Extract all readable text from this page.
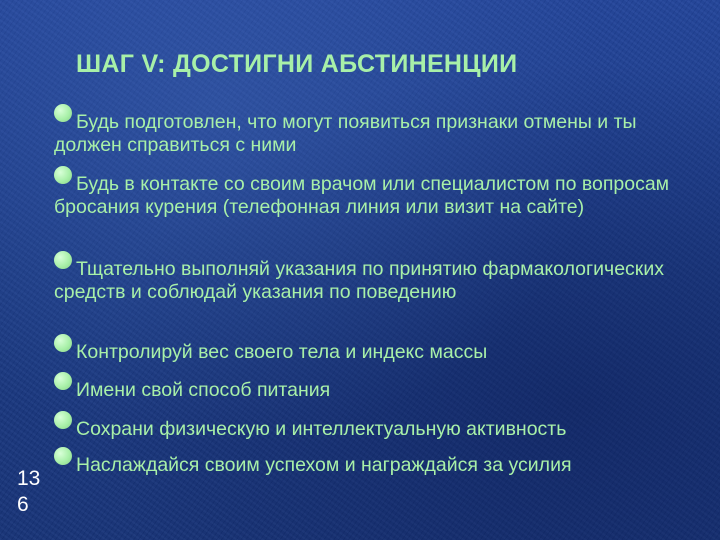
ШАГ V: ДОСТИГНИ АБСТИНЕНЦИИ
Будь подготовлен, что могут появиться признаки отмены и ты должен справиться с ними
Будь в контакте со своим врачом или специалистом по вопросам бросания курения (телефонная линия или визит на сайте)
Тщательно выполняй указания по принятию фармакологических средств и соблюдай указания по поведению
Контролируй вес своего тела и индекс массы
Имени свой способ питания
Сохрани физическую и интеллектуальную активность
Наслаждайся своим успехом и награждайся за усилия
13
6
